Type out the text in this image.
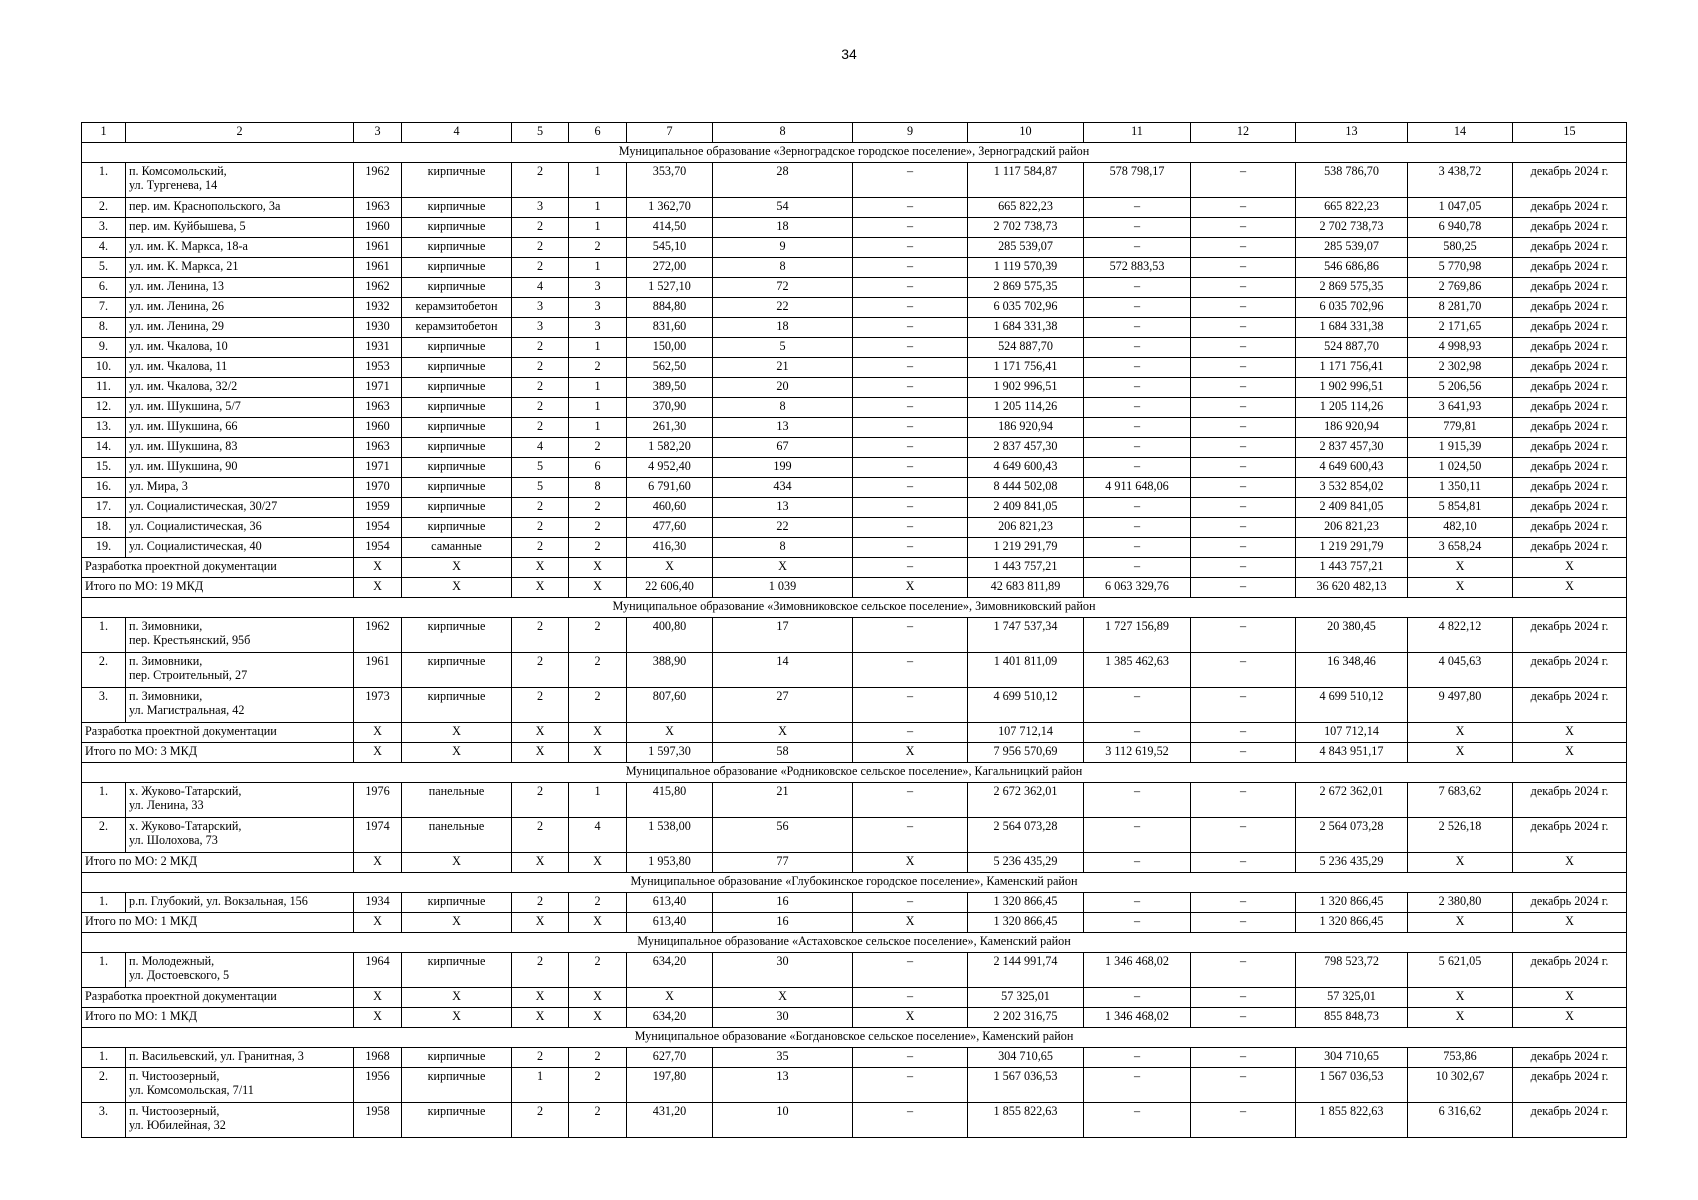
34
1	2	3	4	5	6	7	8	9	10	11	12	13	14	15
Муниципальное образование «Зерноградское городское поселение», Зерноградский район														
1.	п. Комсомольский,
ул. Тургенева, 14	1962	кирпичные	2	1	353,70	28	–	1 117 584,87	578 798,17	–	538 786,70	3 438,72	декабрь 2024 г.
2.	пер. им. Краснопольского, 3а	1963	кирпичные	3	1	1 362,70	54	–	665 822,23	–	–	665 822,23	1 047,05	декабрь 2024 г.
3.	пер. им. Куйбышева, 5	1960	кирпичные	2	1	414,50	18	–	2 702 738,73	–	–	2 702 738,73	6 940,78	декабрь 2024 г.
4.	ул. им. К. Маркса, 18-а	1961	кирпичные	2	2	545,10	9	–	285 539,07	–	–	285 539,07	580,25	декабрь 2024 г.
5.	ул. им. К. Маркса, 21	1961	кирпичные	2	1	272,00	8	–	1 119 570,39	572 883,53	–	546 686,86	5 770,98	декабрь 2024 г.
6.	ул. им. Ленина, 13	1962	кирпичные	4	3	1 527,10	72	–	2 869 575,35	–	–	2 869 575,35	2 769,86	декабрь 2024 г.
7.	ул. им. Ленина, 26	1932	керамзитобетон	3	3	884,80	22	–	6 035 702,96	–	–	6 035 702,96	8 281,70	декабрь 2024 г.
8.	ул. им. Ленина, 29	1930	керамзитобетон	3	3	831,60	18	–	1 684 331,38	–	–	1 684 331,38	2 171,65	декабрь 2024 г.
9.	ул. им. Чкалова, 10	1931	кирпичные	2	1	150,00	5	–	524 887,70	–	–	524 887,70	4 998,93	декабрь 2024 г.
10.	ул. им. Чкалова, 11	1953	кирпичные	2	2	562,50	21	–	1 171 756,41	–	–	1 171 756,41	2 302,98	декабрь 2024 г.
11.	ул. им. Чкалова, 32/2	1971	кирпичные	2	1	389,50	20	–	1 902 996,51	–	–	1 902 996,51	5 206,56	декабрь 2024 г.
12.	ул. им. Шукшина, 5/7	1963	кирпичные	2	1	370,90	8	–	1 205 114,26	–	–	1 205 114,26	3 641,93	декабрь 2024 г.
13.	ул. им. Шукшина, 66	1960	кирпичные	2	1	261,30	13	–	186 920,94	–	–	186 920,94	779,81	декабрь 2024 г.
14.	ул. им. Шукшина, 83	1963	кирпичные	4	2	1 582,20	67	–	2 837 457,30	–	–	2 837 457,30	1 915,39	декабрь 2024 г.
15.	ул. им. Шукшина, 90	1971	кирпичные	5	6	4 952,40	199	–	4 649 600,43	–	–	4 649 600,43	1 024,50	декабрь 2024 г.
16.	ул. Мира, 3	1970	кирпичные	5	8	6 791,60	434	–	8 444 502,08	4 911 648,06	–	3 532 854,02	1 350,11	декабрь 2024 г.
17.	ул. Социалистическая, 30/27	1959	кирпичные	2	2	460,60	13	–	2 409 841,05	–	–	2 409 841,05	5 854,81	декабрь 2024 г.
18.	ул. Социалистическая, 36	1954	кирпичные	2	2	477,60	22	–	206 821,23	–	–	206 821,23	482,10	декабрь 2024 г.
19.	ул. Социалистическая, 40	1954	саманные	2	2	416,30	8	–	1 219 291,79	–	–	1 219 291,79	3 658,24	декабрь 2024 г.
Разработка проектной документации		X	X	X	X	X	X	–	1 443 757,21	–	–	1 443 757,21	X	X
Итого по МО: 19 МКД		X	X	X	X	22 606,40	1 039	X	42 683 811,89	6 063 329,76	–	36 620 482,13	X	X
Муниципальное образование «Зимовниковское сельское поселение», Зимовниковский район														
1.	п. Зимовники,
пер. Крестьянский, 95б	1962	кирпичные	2	2	400,80	17	–	1 747 537,34	1 727 156,89	–	20 380,45	4 822,12	декабрь 2024 г.
2.	п. Зимовники,
пер. Строительный, 27	1961	кирпичные	2	2	388,90	14	–	1 401 811,09	1 385 462,63	–	16 348,46	4 045,63	декабрь 2024 г.
3.	п. Зимовники,
ул. Магистральная, 42	1973	кирпичные	2	2	807,60	27	–	4 699 510,12	–	–	4 699 510,12	9 497,80	декабрь 2024 г.
Разработка проектной документации		X	X	X	X	X	X	–	107 712,14	–	–	107 712,14	X	X
Итого по МО: 3 МКД		X	X	X	X	1 597,30	58	X	7 956 570,69	3 112 619,52	–	4 843 951,17	X	X
Муниципальное образование «Родниковское сельское поселение», Кагальницкий район														
1.	х. Жуково-Татарский,
ул. Ленина, 33	1976	панельные	2	1	415,80	21	–	2 672 362,01	–	–	2 672 362,01	7 683,62	декабрь 2024 г.
2.	х. Жуково-Татарский,
ул. Шолохова, 73	1974	панельные	2	4	1 538,00	56	–	2 564 073,28	–	–	2 564 073,28	2 526,18	декабрь 2024 г.
Итого по МО: 2 МКД		X	X	X	X	1 953,80	77	X	5 236 435,29	–	–	5 236 435,29	X	X
Муниципальное образование «Глубокинское городское поселение», Каменский район														
1.	р.п. Глубокий, ул. Вокзальная, 156	1934	кирпичные	2	2	613,40	16	–	1 320 866,45	–	–	1 320 866,45	2 380,80	декабрь 2024 г.
Итого по МО: 1 МКД		X	X	X	X	613,40	16	X	1 320 866,45	–	–	1 320 866,45	X	X
Муниципальное образование «Астаховское сельское поселение», Каменский район														
1.	п. Молодежный,
ул. Достоевского, 5	1964	кирпичные	2	2	634,20	30	–	2 144 991,74	1 346 468,02	–	798 523,72	5 621,05	декабрь 2024 г.
Разработка проектной документации		X	X	X	X	X	X	–	57 325,01	–	–	57 325,01	X	X
Итого по МО: 1 МКД		X	X	X	X	634,20	30	X	2 202 316,75	1 346 468,02	–	855 848,73	X	X
Муниципальное образование «Богдановское сельское поселение», Каменский район														
1.	п. Васильевский, ул. Гранитная, 3	1968	кирпичные	2	2	627,70	35	–	304 710,65	–	–	304 710,65	753,86	декабрь 2024 г.
2.	п. Чистоозерный,
ул. Комсомольская, 7/11	1956	кирпичные	1	2	197,80	13	–	1 567 036,53	–	–	1 567 036,53	10 302,67	декабрь 2024 г.
3.	п. Чистоозерный,
ул. Юбилейная, 32	1958	кирпичные	2	2	431,20	10	–	1 855 822,63	–	–	1 855 822,63	6 316,62	декабрь 2024 г.
